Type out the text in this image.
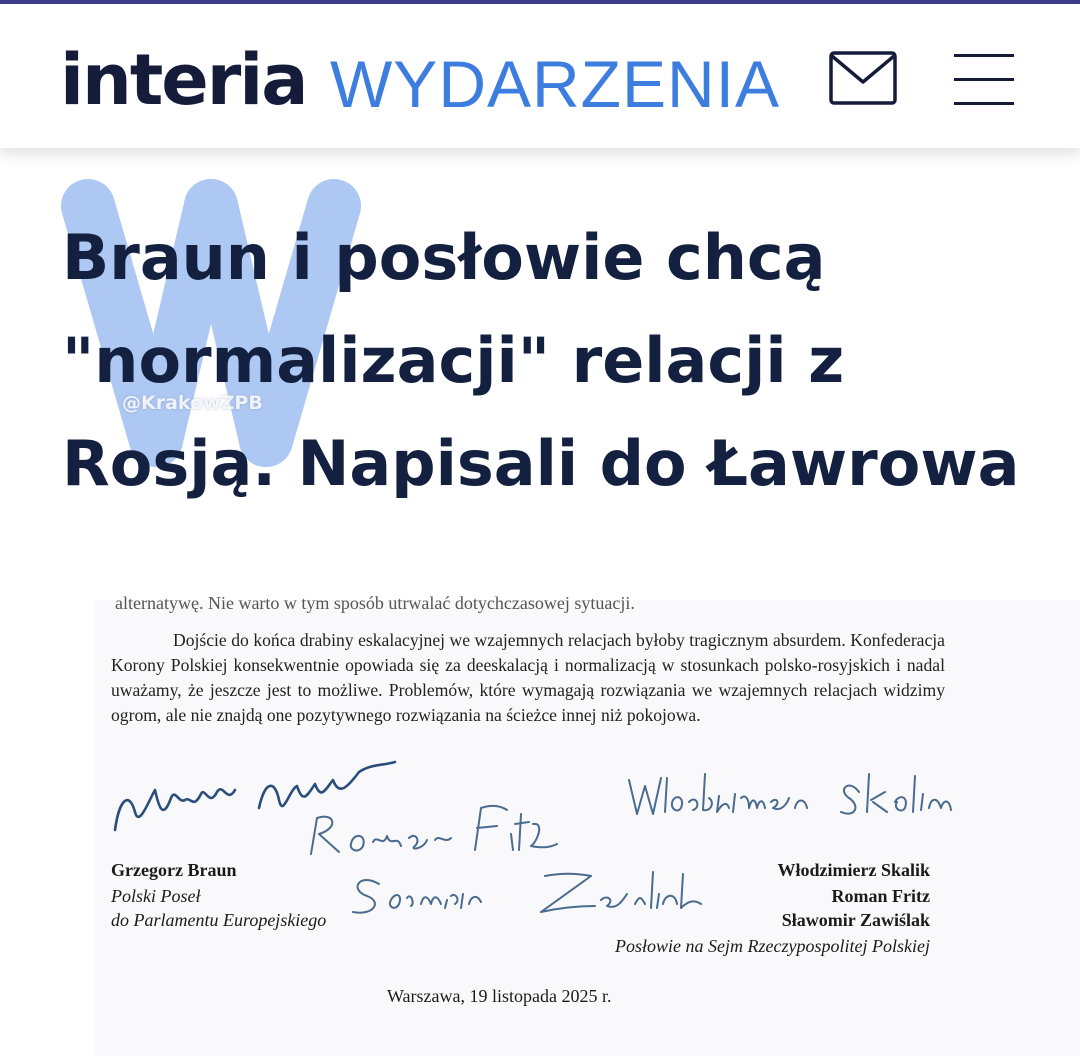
interia WYDARZENIA
@KrakowZPB
Braun i posłowie chcą "normalizacji" relacji z Rosją. Napisali do Ławrowa
alternatywę. Nie warto w tym sposób utrwalać dotychczasowej sytuacji.

Dojście do końca drabiny eskalacyjnej we wzajemnych relacjach byłoby tragicznym absurdem. Konfederacja Korony Polskiej konsekwentnie opowiada się za deeskalacją i normalizacją w stosunkach polsko-rosyjskich i nadal uważamy, że jeszcze jest to możliwe. Problemów, które wymagają rozwiązania we wzajemnych relacjach widzimy ogrom, ale nie znajdą one pozytywnego rozwiązania na ścieżce innej niż pokojowa.

Grzegorz Braun
Polski Poseł
do Parlamentu Europejskiego
Włodzimierz Skalik
Roman Fritz
Sławomir Zawiślak
Posłowie na Sejm Rzeczypospolitej Polskiej
Warszawa, 19 listopada 2025 r.
